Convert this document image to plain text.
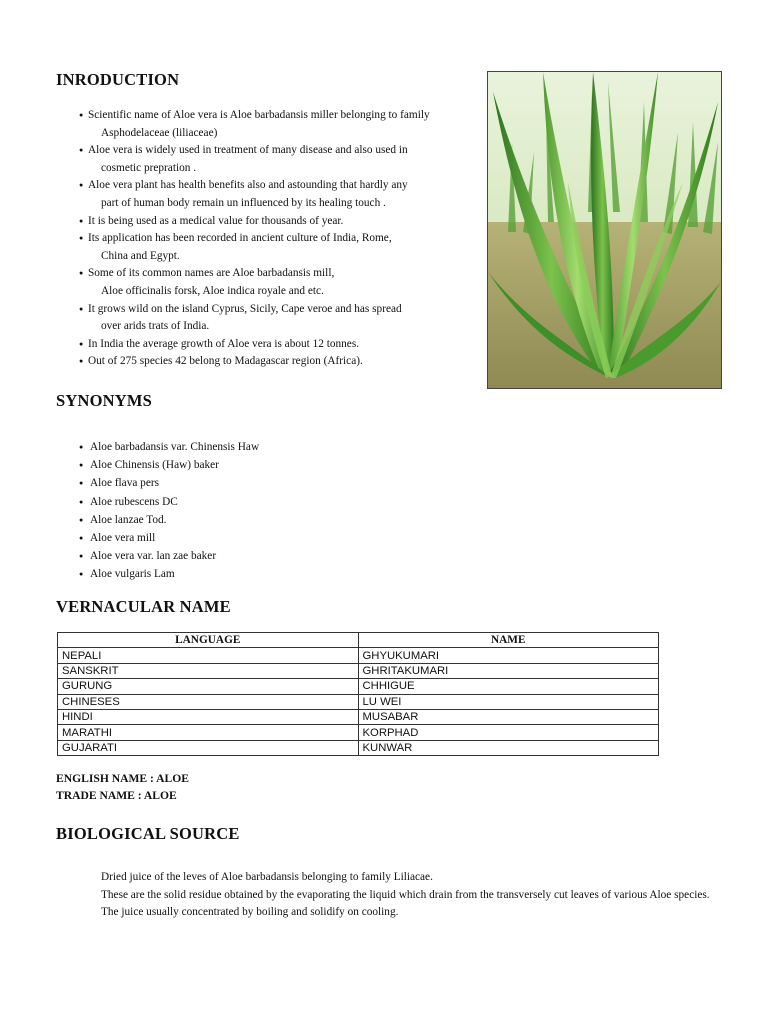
INRODUCTION
● Scientific name of Aloe vera is Aloe barbadansis miller belonging to family
Asphodelaceae (liliaceae)
● Aloe vera is widely used in treatment of many disease and also used in
cosmetic prepration .
● Aloe vera plant has health benefits also and astounding that hardly any
part of human body remain un influenced by its healing touch .
● It is being used as a medical value for thousands of year.
● Its application has been recorded in ancient culture of India, Rome,
China and Egypt.
● Some of its common names are Aloe barbadansis mill,
Aloe officinalis forsk, Aloe indica royale and etc.
● It grows wild on the island Cyprus, Sicily, Cape veroe and has spread
over arids trats of India.
● In India the average growth of Aloe vera is about 12 tonnes.
● Out of 275 species 42 belong to Madagascar region (Africa).
SYNONYMS
● Aloe barbadansis var. Chinensis Haw
● Aloe Chinensis (Haw) baker
● Aloe flava pers
● Aloe rubescens DC
● Aloe lanzae Tod.
● Aloe vera mill
● Aloe vera var. lan zae baker
● Aloe vulgaris Lam
VERNACULAR NAME
LANGUAGE	NAME
NEPALI	GHYUKUMARI
SANSKRIT	GHRITAKUMARI
GURUNG	CHHIGUE
CHINESES	LU WEI
HINDI	MUSABAR
MARATHI	KORPHAD
GUJARATI	KUNWAR

ENGLISH NAME : ALOE

TRADE NAME : ALOE

BIOLOGICAL SOURCE

Dried juice of the leves of Aloe barbadansis belonging to family Liliacae.

These are the solid residue obtained by the evaporating the liquid which drain from the transversely cut leaves of various Aloe species.

The juice usually concentrated by boiling and solidify on cooling.
